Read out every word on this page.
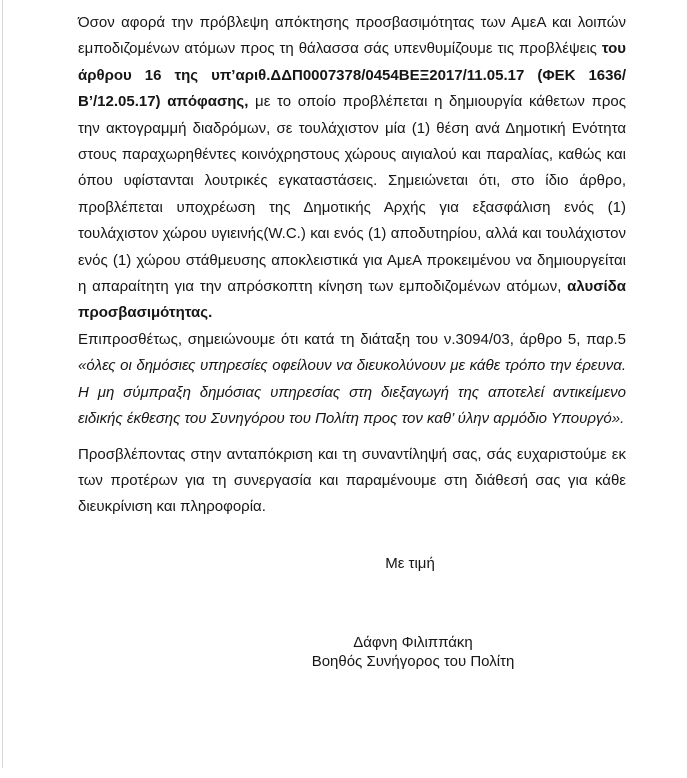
Όσον αφορά την πρόβλεψη απόκτησης προσβασιμότητας των ΑμεΑ και λοιπών εμποδιζομένων ατόμων προς τη θάλασσα σάς υπενθυμίζουμε τις προβλέψεις του άρθρου 16 της υπ’αριθ.ΔΔΠ0007378/0454ΒΕΞ2017/11.05.17 (ΦΕΚ 1636/Β’/12.05.17) απόφασης, με το οποίο προβλέπεται η δημιουργία κάθετων προς την ακτογραμμή διαδρόμων, σε τουλάχιστον μία (1) θέση ανά Δημοτική Ενότητα στους παραχωρηθέντες κοινόχρηστους χώρους αιγιαλού και παραλίας, καθώς και όπου υφίστανται λουτρικές εγκαταστάσεις. Σημειώνεται ότι, στο ίδιο άρθρο, προβλέπεται υποχρέωση της Δημοτικής Αρχής για εξασφάλιση ενός (1) τουλάχιστον χώρου υγιεινής(W.C.) και ενός (1) αποδυτηρίου, αλλά και τουλάχιστον ενός (1) χώρου στάθμευσης αποκλειστικά για ΑμεΑ προκειμένου να δημιουργείται η απαραίτητη για την απρόσκοπτη κίνηση των εμποδιζομένων ατόμων, αλυσίδα προσβασιμότητας.

Επιπροσθέτως, σημειώνουμε ότι κατά τη διάταξη του ν.3094/03, άρθρο 5, παρ.5 «όλες οι δημόσιες υπηρεσίες οφείλουν να διευκολύνουν με κάθε τρόπο την έρευνα. Η μη σύμπραξη δημόσιας υπηρεσίας στη διεξαγωγή της αποτελεί αντικείμενο ειδικής έκθεσης του Συνηγόρου του Πολίτη προς τον καθ’ ύλην αρμόδιο Υπουργό».

Προσβλέποντας στην ανταπόκριση και τη συναντίληψή σας, σάς ευχαριστούμε εκ των προτέρων για τη συνεργασία και παραμένουμε στη διάθεσή σας για κάθε διευκρίνιση και πληροφορία.

Με τιμή
Δάφνη Φιλιππάκη
Βοηθός Συνήγορος του Πολίτη
